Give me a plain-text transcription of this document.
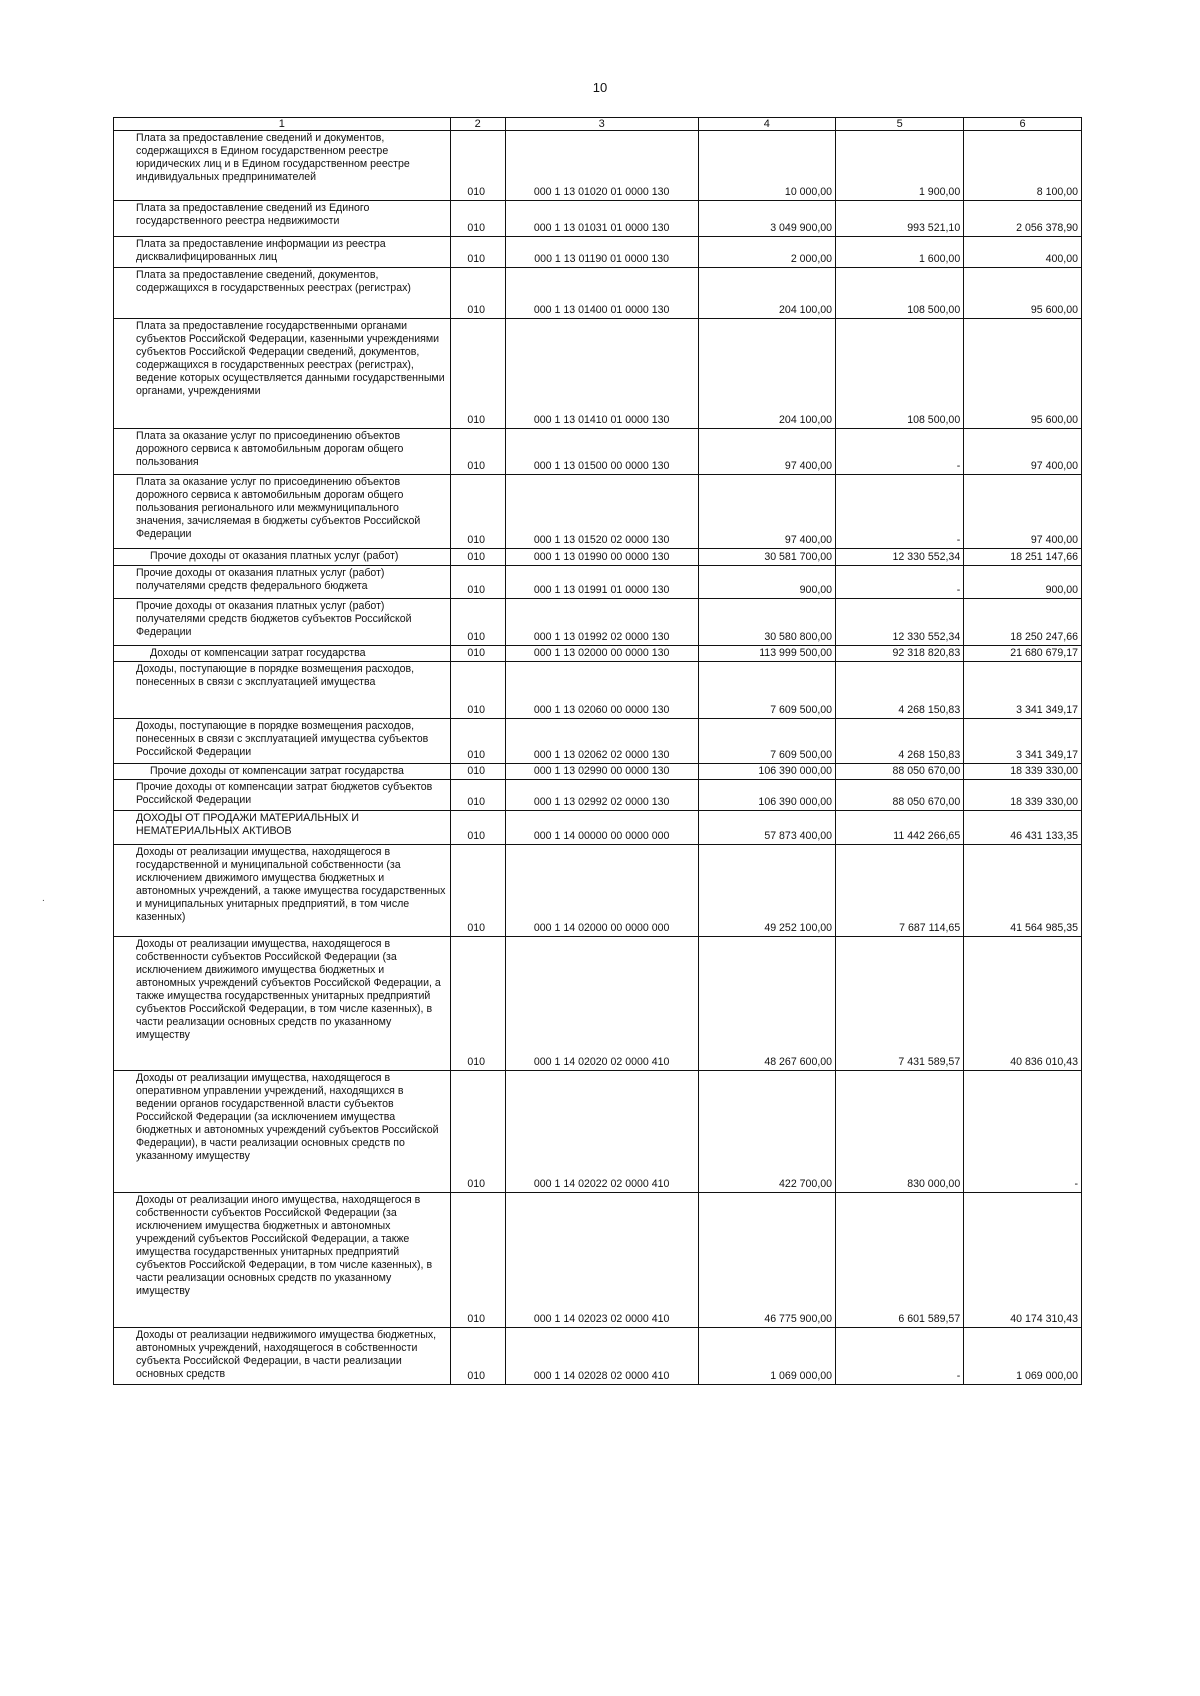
10
.
1	2	3	4	5	6
Плата за предоставление сведений и документов, содержащихся в Едином государственном реестре юридических лиц и в Едином государственном реестре индивидуальных предпринимателей	010	000 1 13 01020 01 0000 130	10 000,00	1 900,00	8 100,00
Плата за предоставление сведений из Единого государственного реестра недвижимости	010	000 1 13 01031 01 0000 130	3 049 900,00	993 521,10	2 056 378,90
Плата за предоставление информации из реестра дисквалифицированных лиц	010	000 1 13 01190 01 0000 130	2 000,00	1 600,00	400,00
Плата за предоставление сведений, документов, содержащихся в государственных реестрах (регистрах)	010	000 1 13 01400 01 0000 130	204 100,00	108 500,00	95 600,00
Плата за предоставление государственными органами субъектов Российской Федерации, казенными учреждениями субъектов Российской Федерации сведений, документов, содержащихся в государственных реестрах (регистрах), ведение которых осуществляется данными государственными органами, учреждениями	010	000 1 13 01410 01 0000 130	204 100,00	108 500,00	95 600,00
Плата за оказание услуг по присоединению объектов дорожного сервиса к автомобильным дорогам общего пользования	010	000 1 13 01500 00 0000 130	97 400,00	-	97 400,00
Плата за оказание услуг по присоединению объектов дорожного сервиса к автомобильным дорогам общего пользования регионального или межмуниципального значения, зачисляемая в бюджеты субъектов Российской Федерации	010	000 1 13 01520 02 0000 130	97 400,00	-	97 400,00
Прочие доходы от оказания платных услуг (работ)	010	000 1 13 01990 00 0000 130	30 581 700,00	12 330 552,34	18 251 147,66
Прочие доходы от оказания платных услуг (работ) получателями средств федерального бюджета	010	000 1 13 01991 01 0000 130	900,00	-	900,00
Прочие доходы от оказания платных услуг (работ) получателями средств бюджетов субъектов Российской Федерации	010	000 1 13 01992 02 0000 130	30 580 800,00	12 330 552,34	18 250 247,66
Доходы от компенсации затрат государства	010	000 1 13 02000 00 0000 130	113 999 500,00	92 318 820,83	21 680 679,17
Доходы, поступающие в порядке возмещения расходов, понесенных в связи с эксплуатацией имущества	010	000 1 13 02060 00 0000 130	7 609 500,00	4 268 150,83	3 341 349,17
Доходы, поступающие в порядке возмещения расходов, понесенных в связи с эксплуатацией имущества субъектов Российской Федерации	010	000 1 13 02062 02 0000 130	7 609 500,00	4 268 150,83	3 341 349,17
Прочие доходы от компенсации затрат государства	010	000 1 13 02990 00 0000 130	106 390 000,00	88 050 670,00	18 339 330,00
Прочие доходы от компенсации затрат бюджетов субъектов Российской Федерации	010	000 1 13 02992 02 0000 130	106 390 000,00	88 050 670,00	18 339 330,00
ДОХОДЫ ОТ ПРОДАЖИ МАТЕРИАЛЬНЫХ И НЕМАТЕРИАЛЬНЫХ АКТИВОВ	010	000 1 14 00000 00 0000 000	57 873 400,00	11 442 266,65	46 431 133,35
Доходы от реализации имущества, находящегося в государственной и муниципальной собственности (за исключением движимого имущества бюджетных и автономных учреждений, а также имущества государственных и муниципальных унитарных предприятий, в том числе казенных)	010	000 1 14 02000 00 0000 000	49 252 100,00	7 687 114,65	41 564 985,35
Доходы от реализации имущества, находящегося в собственности субъектов Российской Федерации (за исключением движимого имущества бюджетных и автономных учреждений субъектов Российской Федерации, а также имущества государственных унитарных предприятий субъектов Российской Федерации, в том числе казенных), в части реализации основных средств по указанному имуществу	010	000 1 14 02020 02 0000 410	48 267 600,00	7 431 589,57	40 836 010,43
Доходы от реализации имущества, находящегося в оперативном управлении учреждений, находящихся в ведении органов государственной власти субъектов Российской Федерации (за исключением имущества бюджетных и автономных учреждений субъектов Российской Федерации), в части реализации основных средств по указанному имуществу	010	000 1 14 02022 02 0000 410	422 700,00	830 000,00	-
Доходы от реализации иного имущества, находящегося в собственности субъектов Российской Федерации (за исключением имущества бюджетных и автономных учреждений субъектов Российской Федерации, а также имущества государственных унитарных предприятий субъектов Российской Федерации, в том числе казенных), в части реализации основных средств по указанному имуществу	010	000 1 14 02023 02 0000 410	46 775 900,00	6 601 589,57	40 174 310,43
Доходы от реализации недвижимого имущества бюджетных, автономных учреждений, находящегося в собственности субъекта Российской Федерации, в части реализации основных средств	010	000 1 14 02028 02 0000 410	1 069 000,00	-	1 069 000,00
